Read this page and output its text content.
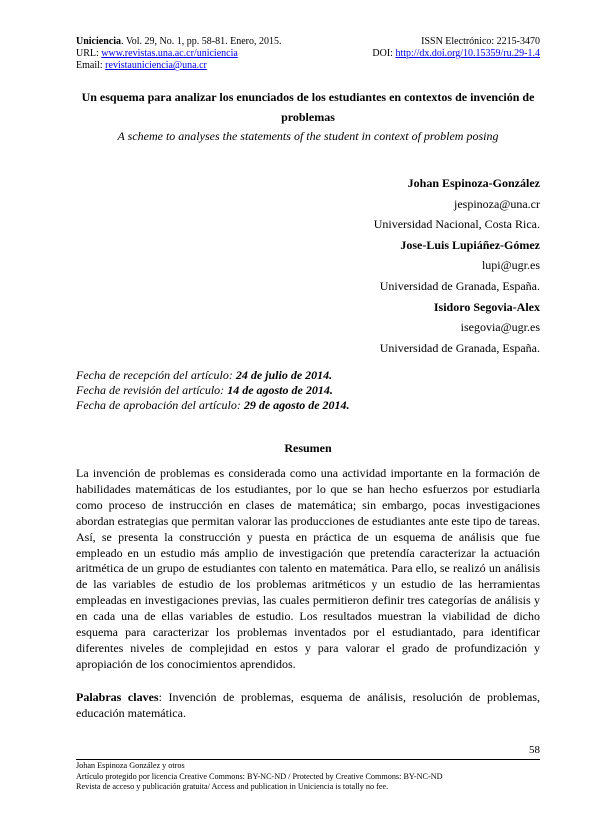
Uniciencia. Vol. 29, No. 1, pp. 58-81. Enero, 2015.	ISSN Electrónico: 2215-3470
URL: www.revistas.una.ac.cr/uniciencia	DOI: http://dx.doi.org/10.15359/ru.29-1.4
Email: revistauniciencia@una.cr
Un esquema para analizar los enunciados de los estudiantes en contextos de invención de problemas
A scheme to analyses the statements of the student in context of problem posing
Johan Espinoza-González
jespinoza@una.cr
Universidad Nacional, Costa Rica.
Jose-Luis Lupiáñez-Gómez
lupi@ugr.es
Universidad de Granada, España.
Isidoro Segovia-Alex
isegovia@ugr.es
Universidad de Granada, España.
Fecha de recepción del artículo: 24 de julio de 2014.
Fecha de revisión del artículo: 14 de agosto de 2014.
Fecha de aprobación del artículo: 29 de agosto de 2014.
Resumen

La invención de problemas es considerada como una actividad importante en la formación de habilidades matemáticas de los estudiantes, por lo que se han hecho esfuerzos por estudiarla como proceso de instrucción en clases de matemática; sin embargo, pocas investigaciones abordan estrategias que permitan valorar las producciones de estudiantes ante este tipo de tareas. Así, se presenta la construcción y puesta en práctica de un esquema de análisis que fue empleado en un estudio más amplio de investigación que pretendía caracterizar la actuación aritmética de un grupo de estudiantes con talento en matemática. Para ello, se realizó un análisis de las variables de estudio de los problemas aritméticos y un estudio de las herramientas empleadas en investigaciones previas, las cuales permitieron definir tres categorías de análisis y en cada una de ellas variables de estudio. Los resultados muestran la viabilidad de dicho esquema para caracterizar los problemas inventados por el estudiantado, para identificar diferentes niveles de complejidad en estos y para valorar el grado de profundización y apropiación de los conocimientos aprendidos.

Palabras claves: Invención de problemas, esquema de análisis, resolución de problemas, educación matemática.

58
Johan Espinoza González y otros
Artículo protegido por licencia Creative Commons: BY-NC-ND / Protected by Creative Commons: BY-NC-ND
Revista de acceso y publicación gratuita/ Access and publication in Uniciencia is totally no fee.
